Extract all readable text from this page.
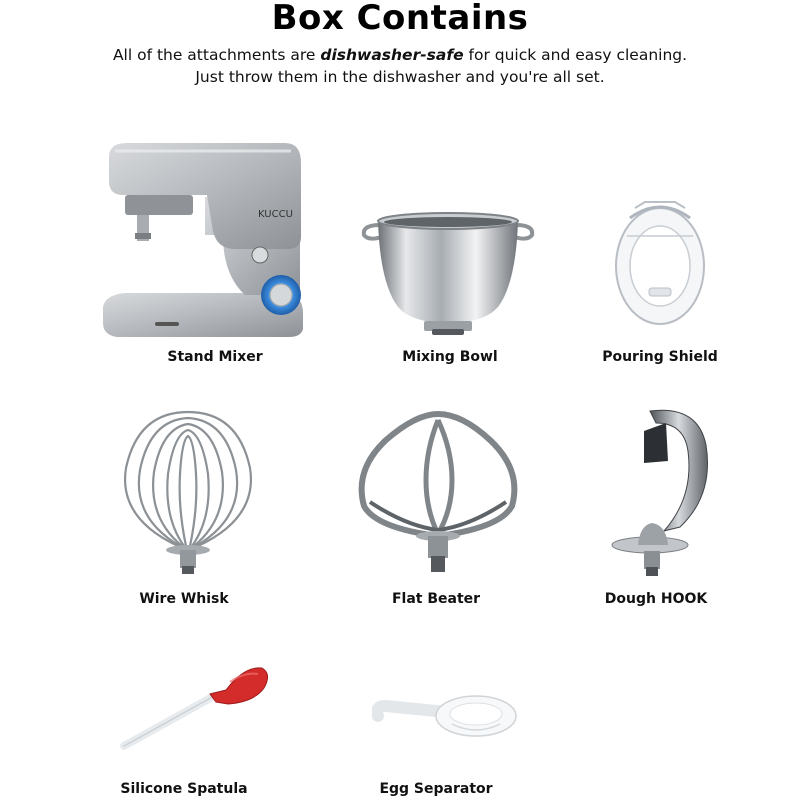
Box Contains
All of the attachments are dishwasher-safe for quick and easy cleaning.
Just throw them in the dishwasher and you're all set.
KUCCU
Stand Mixer	Mixing Bowl	Pouring Shield
Wire Whisk	Flat Beater	Dough HOOK
Silicone Spatula	Egg Separator
